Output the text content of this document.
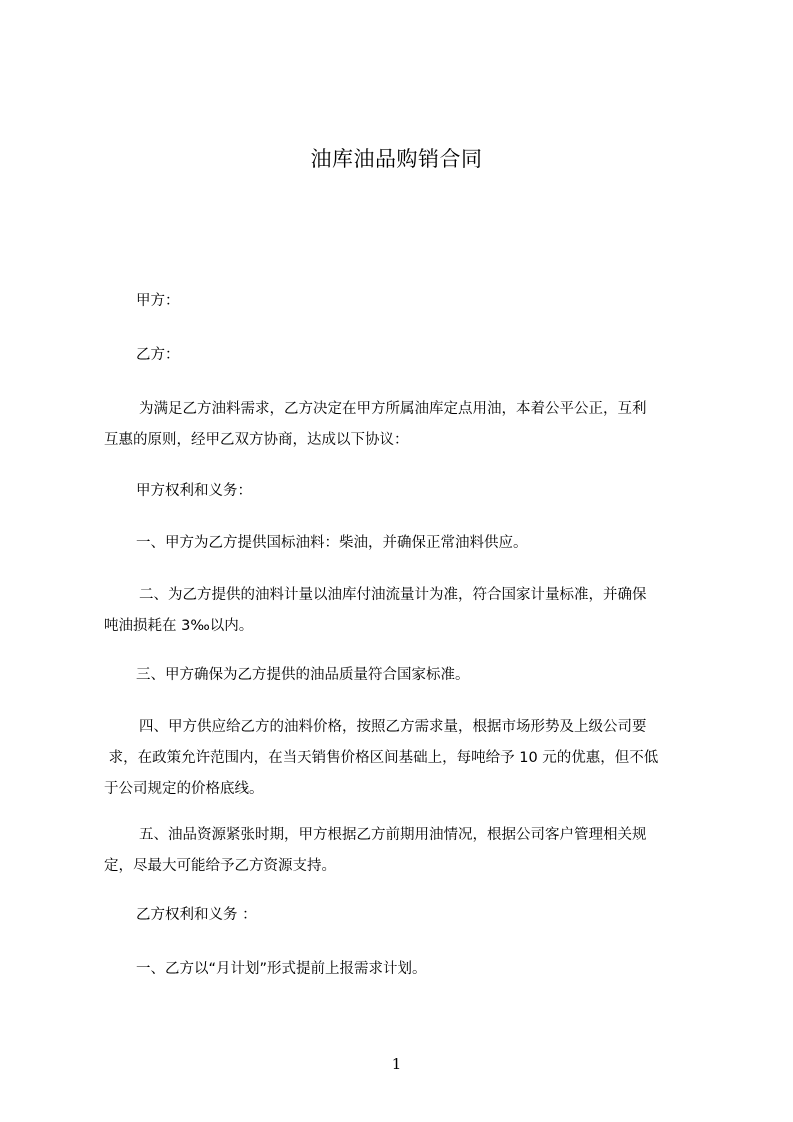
油库油品购销合同
甲方：
乙方：
为满足乙方油料需求，乙方决定在甲方所属油库定点用油，本着公平公正，互利
互惠的原则，经甲乙双方协商，达成以下协议：
甲方权利和义务：
一、甲方为乙方提供国标油料：柴油，并确保正常油料供应。
二、为乙方提供的油料计量以油库付油流量计为准，符合国家计量标准，并确保
吨油损耗在 3‰以内。
三、甲方确保为乙方提供的油品质量符合国家标准。
四、甲方供应给乙方的油料价格，按照乙方需求量，根据市场形势及上级公司要
求，在政策允许范围内，在当天销售价格区间基础上，每吨给予 10 元的优惠，但不低
于公司规定的价格底线。
五、油品资源紧张时期，甲方根据乙方前期用油情况，根据公司客户管理相关规
定，尽最大可能给予乙方资源支持。
乙方权利和义务 ：
一、乙方以“月计划”形式提前上报需求计划。
1
